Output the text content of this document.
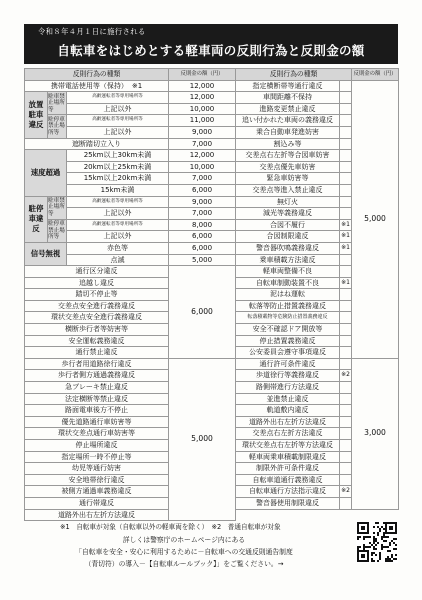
令和８年４月１日に施行される
自転車をはじめとする軽車両の反則行為と反則金の額
反則行為の種類			反則金の額（円）
携帯電話使用等（保持） ※1			12,000
放置駐車違反	駐車禁止場所等	高齢運転者等専用場所等	12,000
		上記以外	10,000
	駐停車禁止場所等	高齢運転者等専用場所等	11,000
		上記以外	9,000
遮断踏切立入り			7,000
速度超過		25km以上30km未満	12,000
		20km以上25km未満	10,000
		15km以上20km未満	7,000
		15km未満	6,000
駐停車違反	駐車禁止場所等	高齢運転者等専用場所等	9,000
		上記以外	7,000
	駐停車禁止場所等	高齢運転者等専用場所等	8,000
		上記以外	6,000
信号無視		赤色等	6,000
		点滅	5,000
通行区分違反			6,000
追越し違反			
踏切不停止等			
交差点安全進行義務違反			
環状交差点安全進行義務違反			
横断歩行者等妨害等			
安全運転義務違反			
通行禁止違反			
歩行者用道路徐行違反			5,000
歩行者側方通過義務違反			
急ブレーキ禁止違反			
法定横断等禁止違反			
路面電車後方不停止			
優先道路通行車妨害等			
環状交差点通行車妨害等			
停止場所違反			
指定場所一時不停止等			
幼児等通行妨害			
安全地帯徐行違反			
被側方通過車義務違反			
通行帯違反			
道路外出右左折方法違反			
反則行為の種類		反則金の額（円）
指定横断帯等通行違反		5,000
車間距離不保持		
進路変更禁止違反		
追い付かれた車両の義務違反		
乗合自動車発進妨害		
割込み等		
交差点右左折等合図車妨害		
交差点優先車妨害		
緊急車妨害等		
交差点等進入禁止違反		
無灯火		
減光等義務違反		
合図不履行	※1	
合図制限違反	※1	
警音器吹鳴義務違反	※1	
乗車積載方法違反		
軽車両整備不良		
自転車制動装置不良	※1	
泥はね運転		
転落等防止措置義務違反		
転落積載物等危険防止措置義務違反		
安全不確認ドア開放等		
停止措置義務違反		
公安委員会遵守事項違反		
通行許可条件違反		3,000
歩道徐行等義務違反	※2	
路側帯進行方法違反		
並進禁止違反		
軌道敷内違反		
道路外出右左折方法違反		
交差点右左折方法違反		
環状交差点右左折等方法違反		
軽車両乗車積載制限違反		
制限外許可条件違反		
自転車道通行義務違反		
自転車通行方法指示違反	※2	
警音器使用制限違反		
※1　自転車が対象（自転車以外の軽車両を除く）　※2　普通自転車が対象
詳しくは警察庁のホームページ内にある
「自転車を安全・安心に利用するために－自転車への交通反則通告制度
（青切符）の導入－【自転車ルールブック】」をご覧ください。→
